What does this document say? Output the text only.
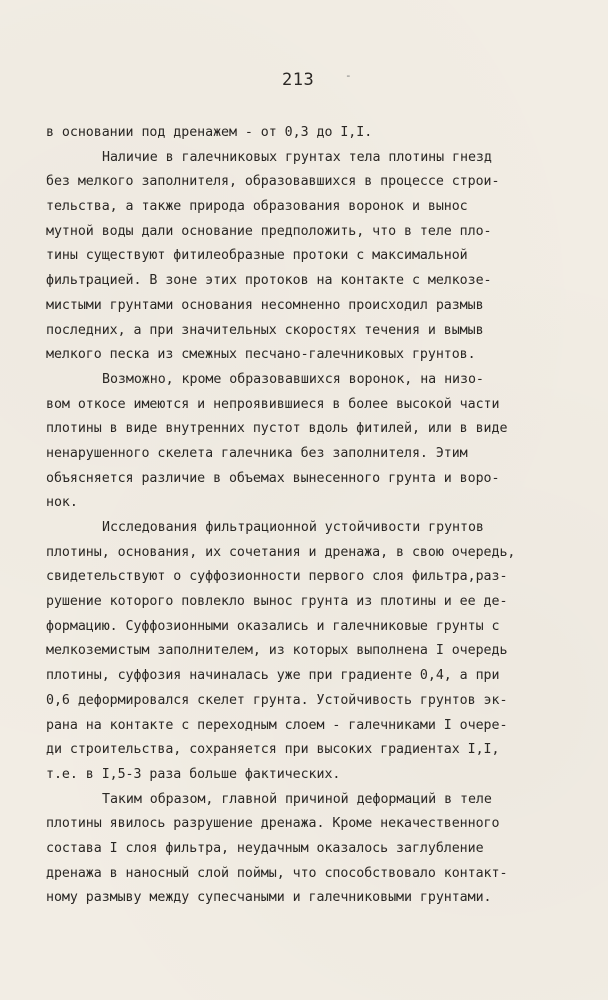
213	-
в основании под дренажем - от 0,3 до I,I.
Наличие в галечниковых грунтах тела плотины гнезд
без мелкого заполнителя, образовавшихся в процессе строи-
тельства, а также природа образования воронок и вынос
мутной воды дали основание предположить, что в теле пло-
тины существуют фитилеобразные протоки с максимальной
фильтрацией. В зоне этих протоков на контакте с мелкозе-
мистыми грунтами основания несомненно происходил размыв
последних, а при значительных скоростях течения и вымыв
мелкого песка из смежных песчано-галечниковых грунтов.
Возможно, кроме образовавшихся воронок, на низо-
вом откосе имеются и непроявившиеся в более высокой части
плотины в виде внутренних пустот вдоль фитилей, или в виде
ненарушенного скелета галечника без заполнителя. Этим
объясняется различие в объемах вынесенного грунта и воро-
нок.
Исследования фильтрационной устойчивости грунтов
плотины, основания, их сочетания и дренажа, в свою очередь,
свидетельствуют о суффозионности первого слоя фильтра,раз-
рушение которого повлекло вынос грунта из плотины и ее де-
формацию. Суффозионными оказались и галечниковые грунты с
мелкоземистым заполнителем, из которых выполнена I очередь
плотины, суффозия начиналась уже при градиенте 0,4, а при
0,6 деформировался скелет грунта. Устойчивость грунтов эк-
рана на контакте с переходным слоем - галечниками I очере-
ди строительства, сохраняется при высоких градиентах I,I,
т.е. в I,5-3 раза больше фактических.
Таким образом, главной причиной деформаций в теле
плотины явилось разрушение дренажа. Кроме некачественного
состава I слоя фильтра, неудачным оказалось заглубление
дренажа в наносный слой поймы, что способствовало контакт-
ному размыву между супесчаными и галечниковыми грунтами.
